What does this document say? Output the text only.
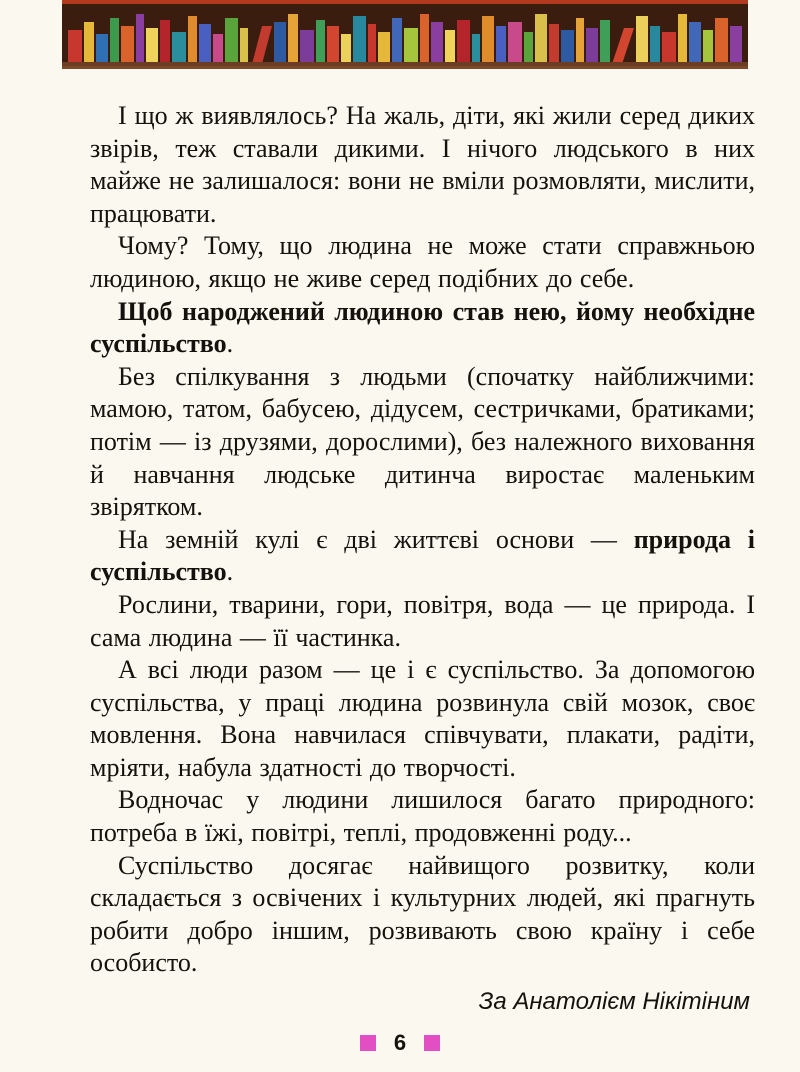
І що ж виявлялось? На жаль, діти, які жили серед диких звірів, теж ставали дикими. І нічого людського в них майже не залишалося: вони не вміли розмовляти, мислити, працювати.

Чому? Тому, що людина не може стати справжньою людиною, якщо не живе серед подібних до себе.

Щоб народжений людиною став нею, йому необхідне суспільство.

Без спілкування з людьми (спочатку найближчими: мамою, татом, бабусею, дідусем, сестричками, братиками; потім — із друзями, дорослими), без належного виховання й навчання людське дитинча виростає маленьким звірятком.

На земній кулі є дві життєві основи — природа і суспільство.

Рослини, тварини, гори, повітря, вода — це природа. І сама людина — її частинка.

А всі люди разом — це і є суспільство. За допомогою суспільства, у праці людина розвинула свій мозок, своє мовлення. Вона навчилася співчувати, плакати, радіти, мріяти, набула здатності до творчості.

Водночас у людини лишилося багато природного: потреба в їжі, повітрі, теплі, продовженні роду...

Суспільство досягає найвищого розвитку, коли складається з освічених і культурних людей, які прагнуть робити добро іншим, розвивають свою країну і себе особисто.

За Анатолієм Нікітіним
6
